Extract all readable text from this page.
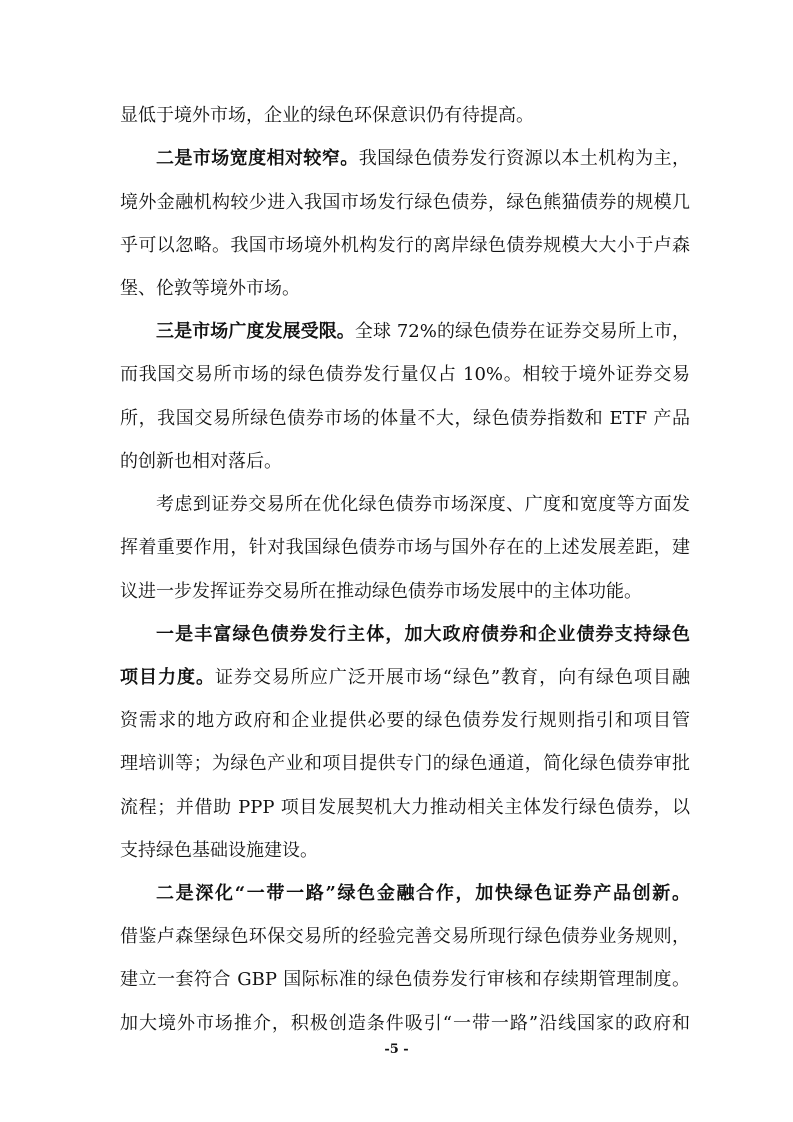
显低于境外市场，企业的绿色环保意识仍有待提高。
二是市场宽度相对较窄。我国绿色债券发行资源以本土机构为主，
境外金融机构较少进入我国市场发行绿色债券，绿色熊猫债券的规模几
乎可以忽略。我国市场境外机构发行的离岸绿色债券规模大大小于卢森
堡、伦敦等境外市场。
三是市场广度发展受限。全球 72%的绿色债券在证券交易所上市，
而我国交易所市场的绿色债券发行量仅占 10%。相较于境外证券交易
所，我国交易所绿色债券市场的体量不大，绿色债券指数和 ETF 产品
的创新也相对落后。
考虑到证券交易所在优化绿色债券市场深度、广度和宽度等方面发
挥着重要作用，针对我国绿色债券市场与国外存在的上述发展差距，建
议进一步发挥证券交易所在推动绿色债券市场发展中的主体功能。
一是丰富绿色债券发行主体，加大政府债券和企业债券支持绿色
项目力度。证券交易所应广泛开展市场“绿色”教育，向有绿色项目融
资需求的地方政府和企业提供必要的绿色债券发行规则指引和项目管
理培训等；为绿色产业和项目提供专门的绿色通道，简化绿色债券审批
流程；并借助 PPP 项目发展契机大力推动相关主体发行绿色债券，以
支持绿色基础设施建设。
二是深化“一带一路”绿色金融合作，加快绿色证券产品创新。
借鉴卢森堡绿色环保交易所的经验完善交易所现行绿色债券业务规则，
建立一套符合 GBP 国际标准的绿色债券发行审核和存续期管理制度。
加大境外市场推介，积极创造条件吸引“一带一路”沿线国家的政府和
-5 -
